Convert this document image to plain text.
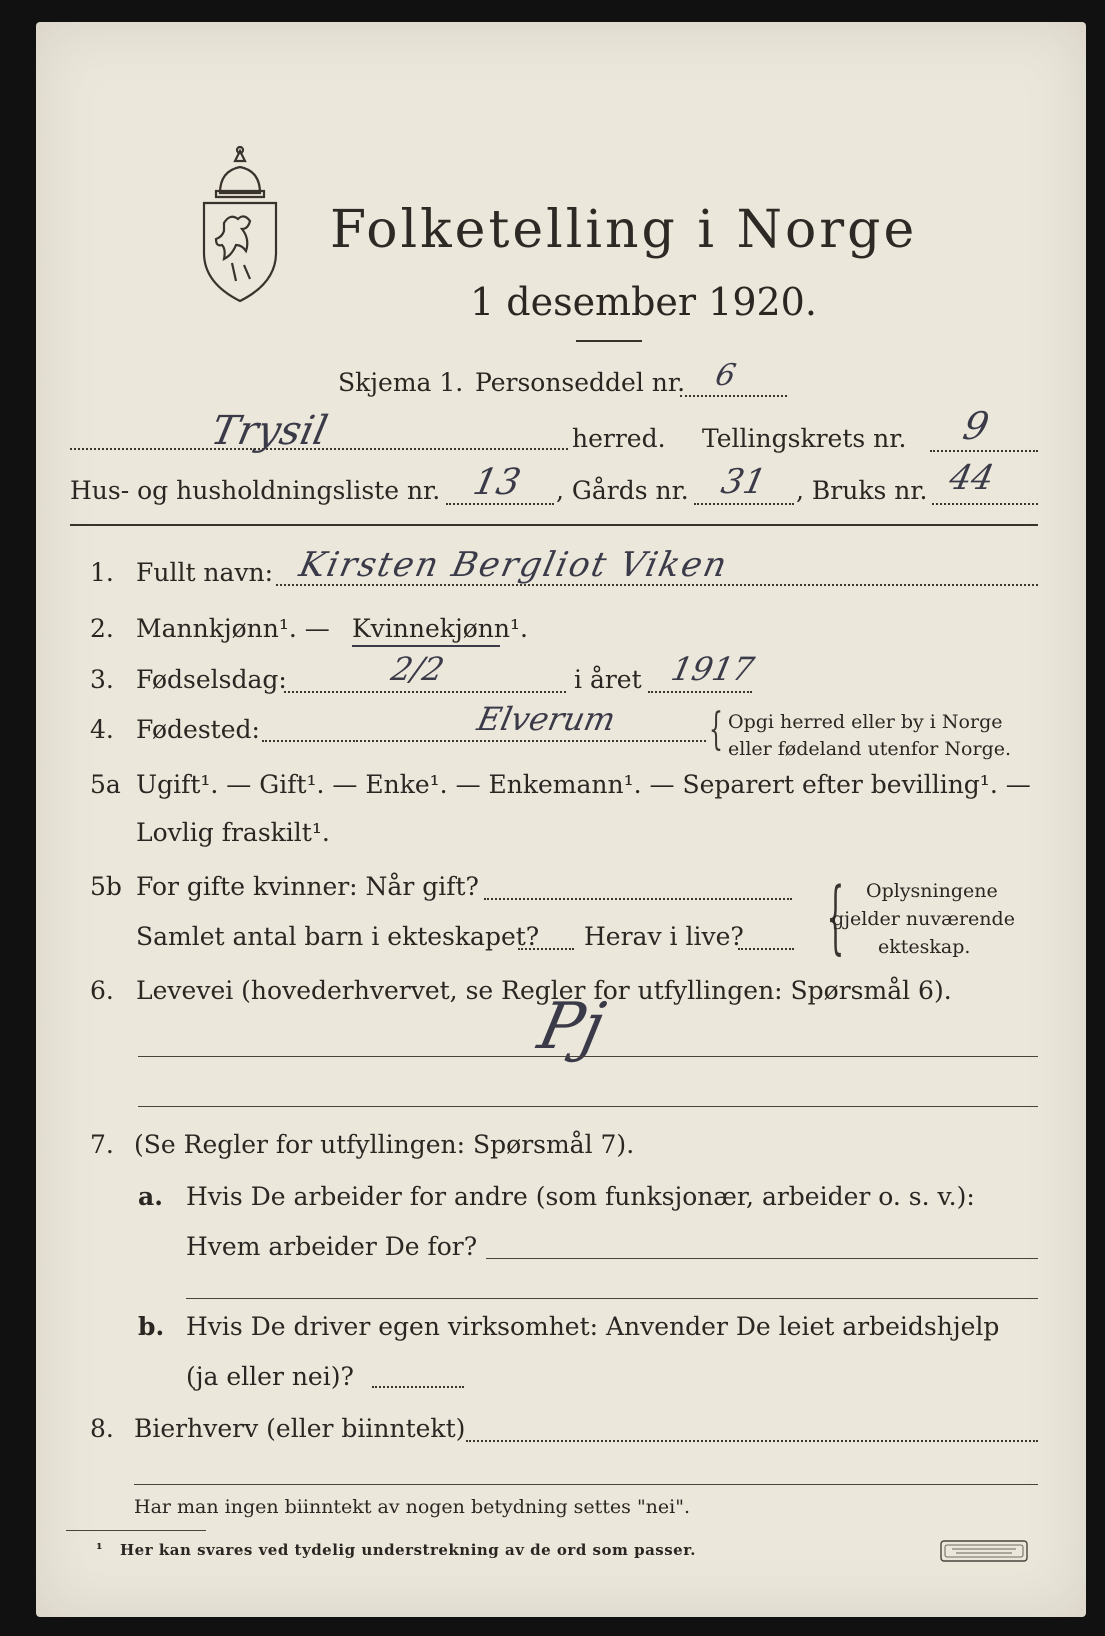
Folketelling i Norge
1 desember 1920.
Skjema 1. Personseddel nr. 6
Trysil	herred. Tellingskrets nr. 9
Hus- og husholdningsliste nr. 13 , Gårds nr. 31 , Bruks nr. 44
1. Fullt navn: Kirsten Bergliot Viken
2. Mannkjønn¹. — Kvinnekjønn¹.
3. Fødselsdag:	2/2	i året 1917
4. Fødested:	Elverum { Opgi herred eller by i Norge
eller fødeland utenfor Norge.
5a Ugift¹. — Gift¹. — Enke¹. — Enkemann¹. — Separert efter bevilling¹. —
Lovlig fraskilt¹.
5b For gifte kvinner: Når gift?
Samlet antal barn i ekteskapet? Herav i live? { Oplysningene
gjelder nuværende
ekteskap.
6. Levevei (hovederhvervet, se Regler for utfyllingen: Spørsmål 6).
Pj
7. (Se Regler for utfyllingen: Spørsmål 7).
a. Hvis De arbeider for andre (som funksjonær, arbeider o. s. v.):
Hvem arbeider De for?
b. Hvis De driver egen virksomhet: Anvender De leiet arbeidshjelp
(ja eller nei)?
8. Bierhverv (eller biinntekt)
Har man ingen biinntekt av nogen betydning settes "nei".
¹ Her kan svares ved tydelig understrekning av de ord som passer.
